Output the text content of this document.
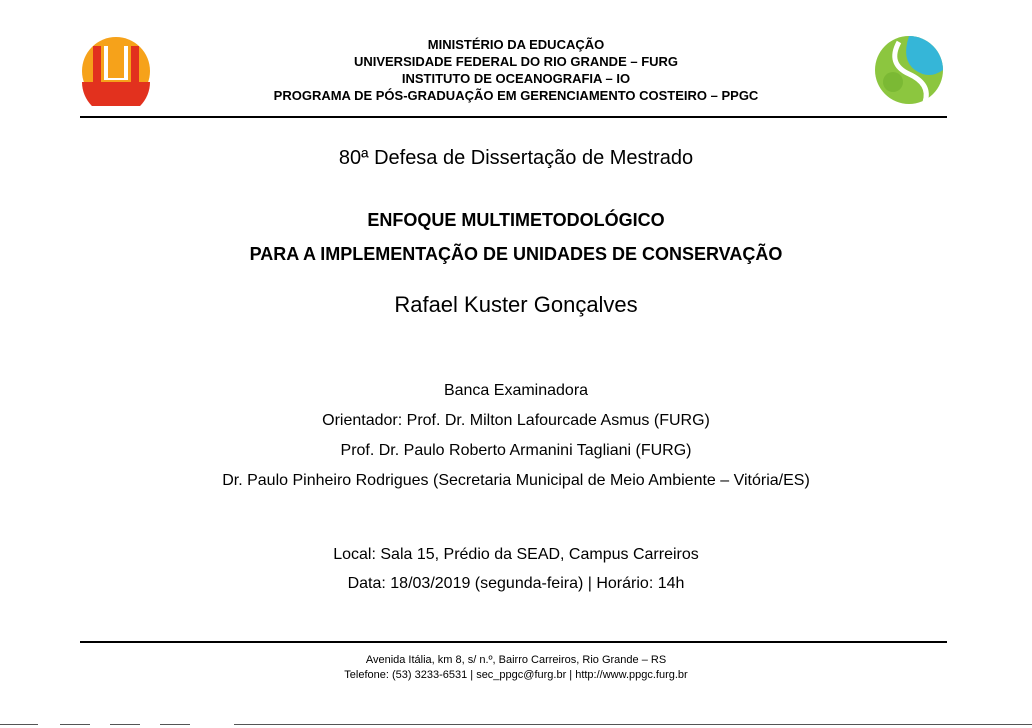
MINISTÉRIO DA EDUCAÇÃO
UNIVERSIDADE FEDERAL DO RIO GRANDE – FURG
INSTITUTO DE OCEANOGRAFIA – IO
PROGRAMA DE PÓS-GRADUAÇÃO EM GERENCIAMENTO COSTEIRO – PPGC
80ª Defesa de Dissertação de Mestrado
ENFOQUE MULTIMETODOLÓGICO
PARA A IMPLEMENTAÇÃO DE UNIDADES DE CONSERVAÇÃO
Rafael Kuster Gonçalves
Banca Examinadora
Orientador: Prof. Dr. Milton Lafourcade Asmus (FURG)
Prof. Dr. Paulo Roberto Armanini Tagliani (FURG)
Dr. Paulo Pinheiro Rodrigues (Secretaria Municipal de Meio Ambiente – Vitória/ES)
Local: Sala 15, Prédio da SEAD, Campus Carreiros
Data: 18/03/2019 (segunda-feira) | Horário: 14h
Avenida Itália, km 8, s/ n.º, Bairro Carreiros, Rio Grande – RS
Telefone: (53) 3233-6531 | sec_ppgc@furg.br | http://www.ppgc.furg.br
